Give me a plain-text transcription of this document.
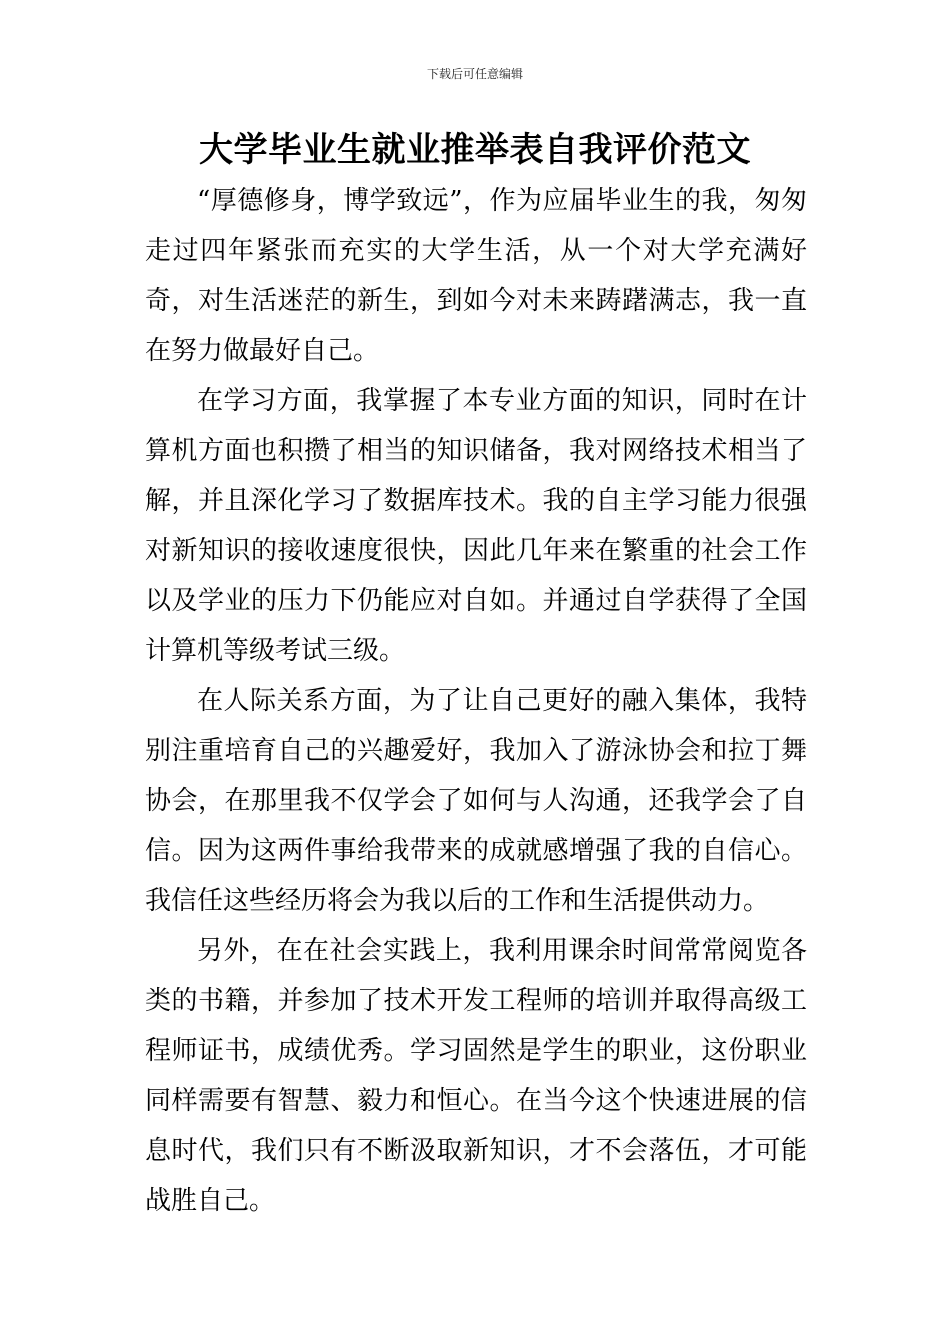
下载后可任意编辑
大学毕业生就业推举表自我评价范文

“厚德修身，博学致远”，作为应届毕业生的我，匆匆走过四年紧张而充实的大学生活，从一个对大学充满好奇，对生活迷茫的新生，到如今对未来踌躇满志，我一直在努力做最好自己。

在学习方面，我掌握了本专业方面的知识，同时在计算机方面也积攒了相当的知识储备，我对网络技术相当了解，并且深化学习了数据库技术。我的自主学习能力很强对新知识的接收速度很快，因此几年来在繁重的社会工作以及学业的压力下仍能应对自如。并通过自学获得了全国计算机等级考试三级。

在人际关系方面，为了让自己更好的融入集体，我特别注重培育自己的兴趣爱好，我加入了游泳协会和拉丁舞协会，在那里我不仅学会了如何与人沟通，还我学会了自信。因为这两件事给我带来的成就感增强了我的自信心。我信任这些经历将会为我以后的工作和生活提供动力。

另外，在在社会实践上，我利用课余时间常常阅览各类的书籍，并参加了技术开发工程师的培训并取得高级工程师证书，成绩优秀。学习固然是学生的职业，这份职业同样需要有智慧、毅力和恒心。在当今这个快速进展的信息时代，我们只有不断汲取新知识，才不会落伍，才可能战胜自己。
